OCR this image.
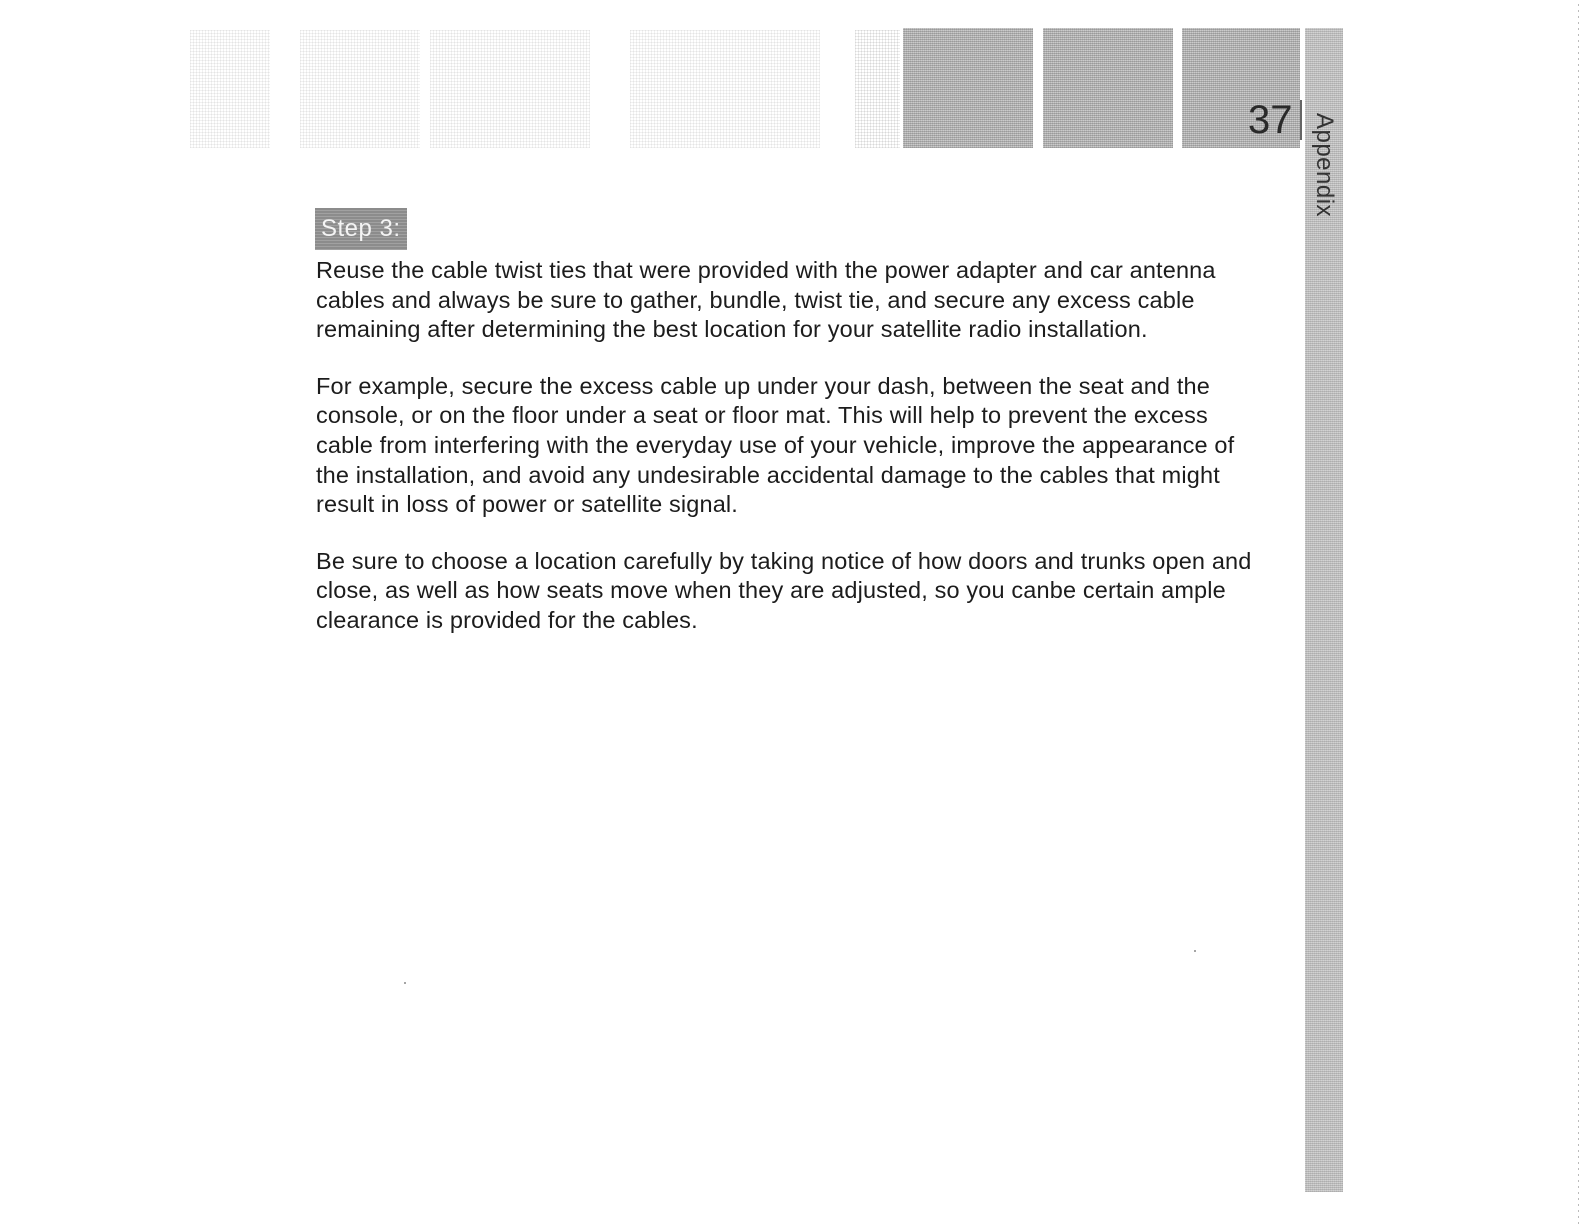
Appendix
37
Step 3:

Reuse the cable twist ties that were provided with the power adapter and car antenna cables and always be sure to gather, bundle, twist tie, and secure any excess cable remaining after determining the best location for your satellite radio installation.

For example, secure the excess cable up under your dash, between the seat and the console, or on the floor under a seat or floor mat. This will help to prevent the excess cable from interfering with the everyday use of your vehicle, improve the appearance of the installation, and avoid any undesirable accidental damage to the cables that might result in loss of power or satellite signal.

Be sure to choose a location carefully by taking notice of how doors and trunks open and close, as well as how seats move when they are adjusted, so you canbe certain ample clearance is provided for the cables.
